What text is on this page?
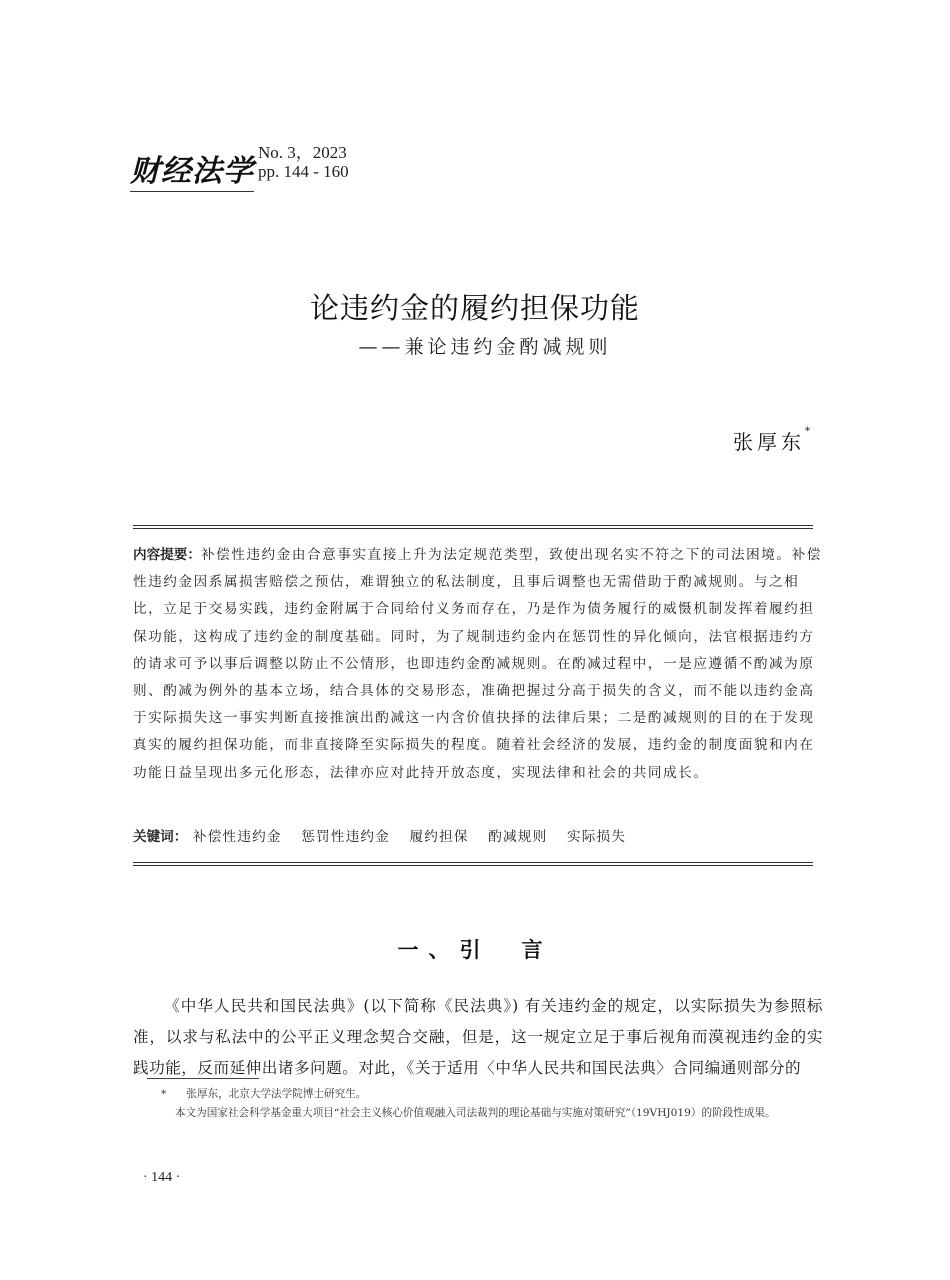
财经法学
No. 3，2023
pp. 144 - 160
论违约金的履约担保功能
——兼论违约金酌减规则
张厚东*
内容提要：补偿性违约金由合意事实直接上升为法定规范类型，致使出现名实不符之下的司法困境。补偿性违约金因系属损害赔偿之预估，难谓独立的私法制度，且事后调整也无需借助于酌减规则。与之相比，立足于交易实践，违约金附属于合同给付义务而存在，乃是作为债务履行的威慑机制发挥着履约担保功能，这构成了违约金的制度基础。同时，为了规制违约金内在惩罚性的异化倾向，法官根据违约方的请求可予以事后调整以防止不公情形，也即违约金酌减规则。在酌减过程中，一是应遵循不酌减为原则、酌减为例外的基本立场，结合具体的交易形态，准确把握过分高于损失的含义，而不能以违约金高于实际损失这一事实判断直接推演出酌减这一内含价值抉择的法律后果；二是酌减规则的目的在于发现真实的履约担保功能，而非直接降至实际损失的程度。随着社会经济的发展，违约金的制度面貌和内在功能日益呈现出多元化形态，法律亦应对此持开放态度，实现法律和社会的共同成长。
关键词： 补偿性违约金 惩罚性违约金 履约担保 酌减规则 实际损失
一、引　言
《中华人民共和国民法典》(以下简称《民法典》) 有关违约金的规定，以实际损失为参照标准，以求与私法中的公平正义理念契合交融，但是，这一规定立足于事后视角而漠视违约金的实践功能，反而延伸出诸多问题。对此，《关于适用〈中华人民共和国民法典〉合同编通则部分的

* 张厚东，北京大学法学院博士研究生。

本文为国家社会科学基金重大项目“社会主义核心价值观融入司法裁判的理论基础与实施对策研究”（19VHJ019）的阶段性成果。

· 144 ·
